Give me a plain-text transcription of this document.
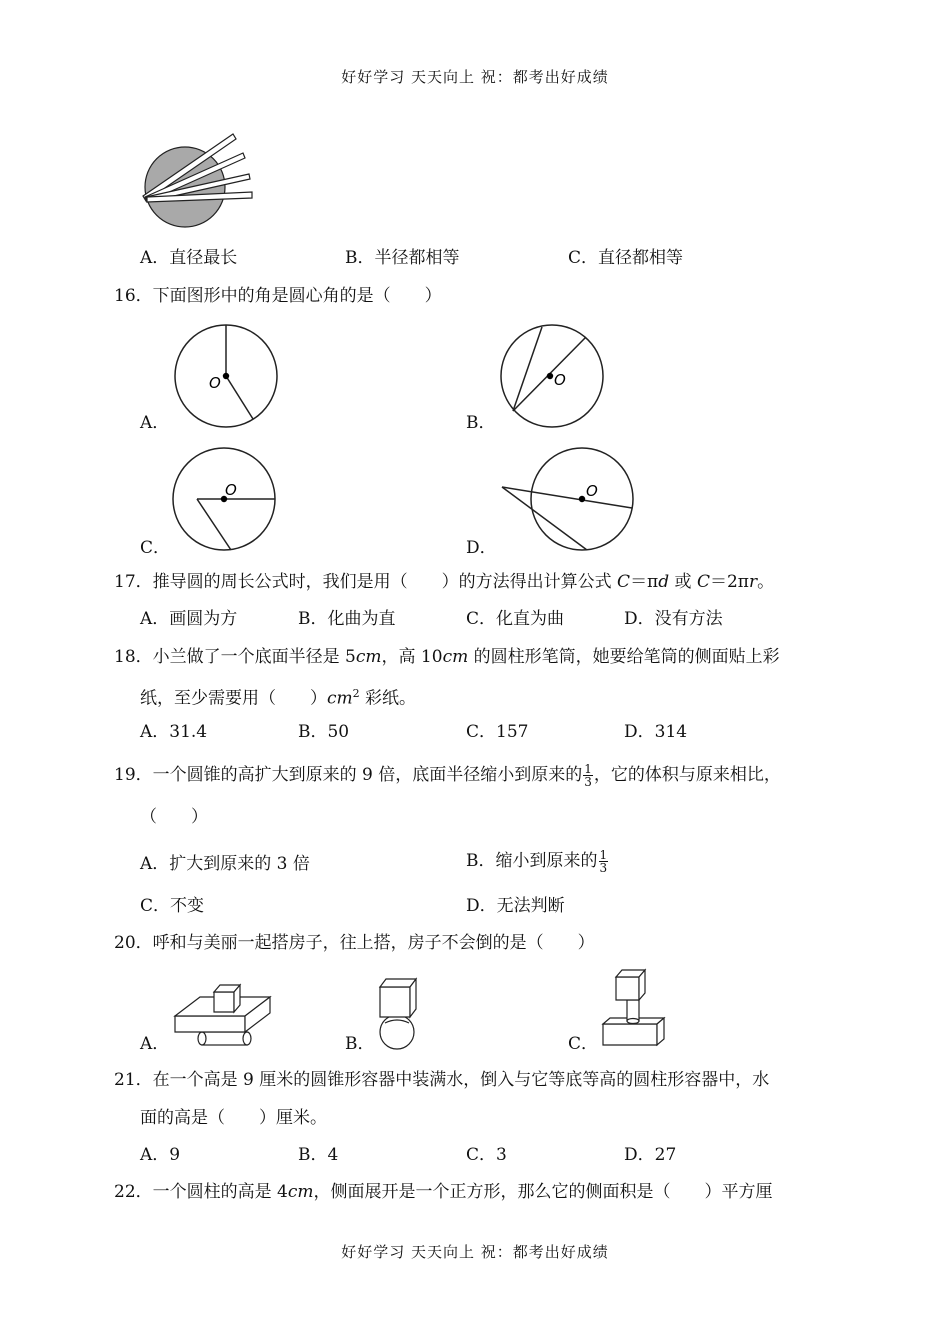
好好学习 天天向上 祝：都考出好成绩
A．直径最长	B．半径都相等	C．直径都相等
16．下面图形中的角是圆心角的是（　　）
A．
O
B．
O
C．
O
D．
O
17．推导圆的周长公式时，我们是用（　　）的方法得出计算公式 C＝πd 或 C＝2πr。
A．画圆为方	B．化曲为直	C．化直为曲	D．没有方法
18．小兰做了一个底面半径是 5cm，高 10cm 的圆柱形笔筒，她要给笔筒的侧面贴上彩
纸，至少需要用（　　）$cm^2$ 彩纸。
A．31.4	B．50	C．157	D．314
19．一个圆锥的高扩大到原来的 9 倍，底面半径缩小到原来的 $\frac{1}{3}$ ，它的体积与原来相比，
（　　）
A．扩大到原来的 3 倍	B．缩小到原来的 $\frac{1}{3}$
C．不变	D．无法判断
20．呼和与美丽一起搭房子，往上搭，房子不会倒的是（　　）
A．	B．	C．
21．在一个高是 9 厘米的圆锥形容器中装满水，倒入与它等底等高的圆柱形容器中，水
面的高是（　　）厘米。
A．9	B．4	C．3	D．27
22．一个圆柱的高是 4cm，侧面展开是一个正方形，那么它的侧面积是（　　）平方厘
好好学习 天天向上 祝：都考出好成绩
